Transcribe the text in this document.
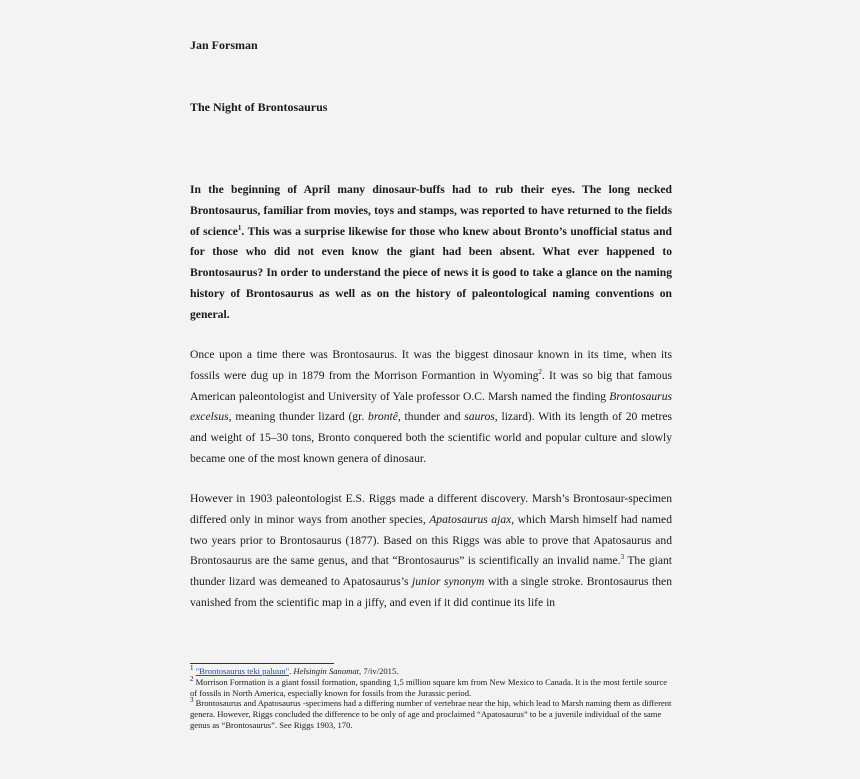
Jan Forsman
The Night of Brontosaurus

In the beginning of April many dinosaur-buffs had to rub their eyes. The long necked Brontosaurus, familiar from movies, toys and stamps, was reported to have returned to the fields of science$^1$. This was a surprise likewise for those who knew about Bronto’s unofficial status and for those who did not even know the giant had been absent. What ever happened to Brontosaurus? In order to understand the piece of news it is good to take a glance on the naming history of Brontosaurus as well as on the history of paleontological naming conventions on general.

Once upon a time there was Brontosaurus. It was the biggest dinosaur known in its time, when its fossils were dug up in 1879 from the Morrison Formantion in Wyoming$^2$. It was so big that famous American paleontologist and University of Yale professor O.C. Marsh named the finding Brontosaurus excelsus, meaning thunder lizard (gr. brontê, thunder and sauros, lizard). With its length of 20 metres and weight of 15–30 tons, Bronto conquered both the scientific world and popular culture and slowly became one of the most known genera of dinosaur.

However in 1903 paleontologist E.S. Riggs made a different discovery. Marsh’s Brontosaur-specimen differed only in minor ways from another species, Apatosaurus ajax, which Marsh himself had named two years prior to Brontosaurus (1877). Based on this Riggs was able to prove that Apatosaurus and Brontosaurus are the same genus, and that “Brontosaurus” is scientifically an invalid name.$^3$ The giant thunder lizard was demeaned to Apatosaurus’s junior synonym with a single stroke. Brontosaurus then vanished from the scientific map in a jiffy, and even if it did continue its life in

$^1$ "Brontosaurus teki paluun". Helsingin Sanomat, 7/iv/2015.

$^2$ Morrison Formation is a giant fossil formation, spanding 1,5 million square km from New Mexico to Canada. It is the most fertile source of fossils in North America, especially known for fossils from the Jurassic period.

$^3$ Brontosaurus and Apatosaurus -specimens had a differing number of vertebrae near the hip, which lead to Marsh naming them as different genera. However, Riggs concluded the difference to be only of age and proclaimed “Apatosaurus” to be a juvenile individual of the same genus as “Brontosaurus”. See Riggs 1903, 170.
